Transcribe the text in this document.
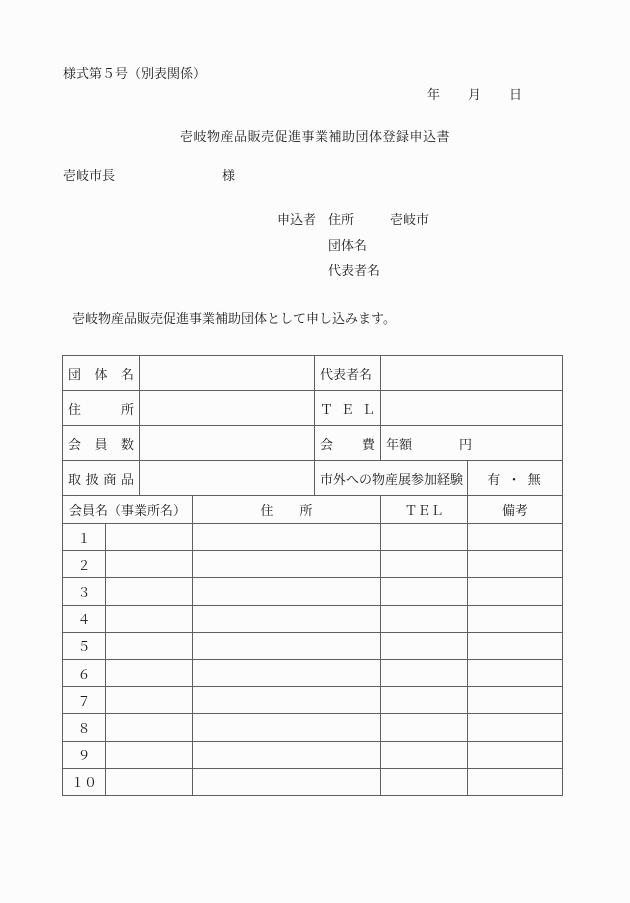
様式第５号（別表関係）
年 月 日
壱岐物産品販売促進事業補助団体登録申込書
壱岐市長	様
申込者 住所	壱岐市
団体名
代表者名
壱岐物産品販売促進事業補助団体として申し込みます。
団体名				代表者名		

住所				ＴＥＬ		

会員数				会費	年額 円	

取扱商品				市外への物産展参加経験		有 ・ 無
会員名（事業所名）			住　　所		ＴＥＬ	備考
１						
２						
３						
４						
５						
６						
７						
８						
９						
１０						
